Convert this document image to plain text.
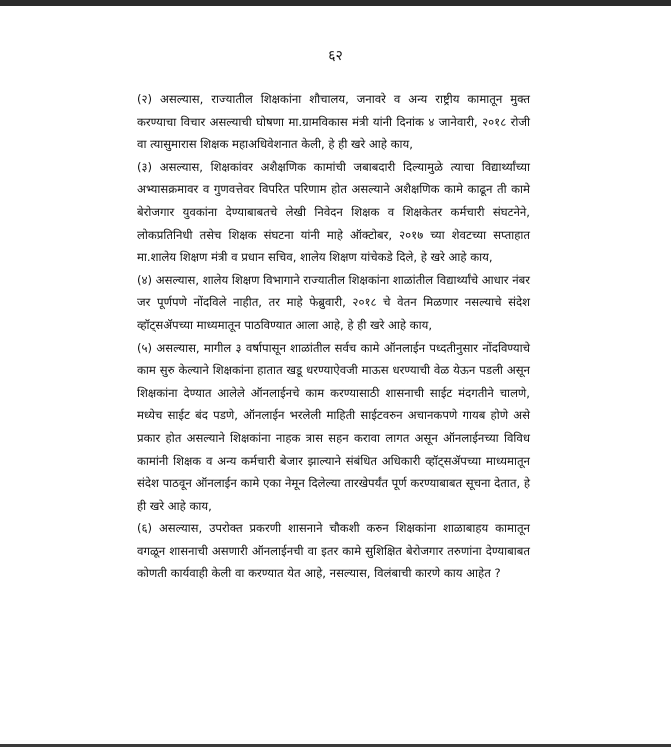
६२

(२) असल्यास, राज्यातील शिक्षकांना शौचालय, जनावरे व अन्य राष्ट्रीय कामातून मुक्त करण्याचा विचार असल्याची घोषणा मा.ग्रामविकास मंत्री यांनी दिनांक ४ जानेवारी, २०१८ रोजी वा त्यासुमारास शिक्षक महाअधिवेशनात केली, हे ही खरे आहे काय,

(३) असल्यास, शिक्षकांवर अशैक्षणिक कामांची जबाबदारी दिल्यामुळे त्याचा विद्यार्थ्यांच्या अभ्यासक्रमावर व गुणवत्तेवर विपरित परिणाम होत असल्याने अशैक्षणिक कामे काढून ती कामे बेरोजगार युवकांना देण्याबाबतचे लेखी निवेदन शिक्षक व शिक्षकेतर कर्मचारी संघटनेने, लोकप्रतिनिधी तसेच शिक्षक संघटना यांनी माहे ऑक्टोबर, २०१७ च्या शेवटच्या सप्ताहात मा.शालेय शिक्षण मंत्री व प्रधान सचिव, शालेय शिक्षण यांचेकडे दिले, हे खरे आहे काय,

(४) असल्यास, शालेय शिक्षण विभागाने राज्यातील शिक्षकांना शाळांतील विद्यार्थ्यांचे आधार नंबर जर पूर्णपणे नोंदविले नाहीत, तर माहे फेब्रुवारी, २०१८ चे वेतन मिळणार नसल्याचे संदेश व्हॉट्सॲपच्या माध्यमातून पाठविण्यात आला आहे, हे ही खरे आहे काय,

(५) असल्यास, मागील ३ वर्षापासून शाळांतील सर्वच कामे ऑनलाईन पध्दतीनुसार नोंदविण्याचे काम सुरु केल्याने शिक्षकांना हातात खडू धरण्याऐवजी माऊस धरण्याची वेळ येऊन पडली असून शिक्षकांना देण्यात आलेले ऑनलाईनचे काम करण्यासाठी शासनाची साईट मंदगतीने चालणे, मध्येच साईट बंद पडणे, ऑनलाईन भरलेली माहिती साईटवरुन अचानकपणे गायब होणे असे प्रकार होत असल्याने शिक्षकांना नाहक त्रास सहन करावा लागत असून ऑनलाईनच्या विविध कामांनी शिक्षक व अन्य कर्मचारी बेजार झाल्याने संबंधित अधिकारी व्हॉट्सॲपच्या माध्यमातून संदेश पाठवून ऑनलाईन कामे एका नेमून दिलेल्या तारखेपर्यंत पूर्ण करण्याबाबत सूचना देतात, हे ही खरे आहे काय,

(६) असल्यास, उपरोक्त प्रकरणी शासनाने चौकशी करुन शिक्षकांना शाळाबाहय कामातून वगळून शासनाची असणारी ऑनलाईनची वा इतर कामे सुशिक्षित बेरोजगार तरुणांना देण्याबाबत कोणती कार्यवाही केली वा करण्यात येत आहे, नसल्यास, विलंबाची कारणे काय आहेत ?
